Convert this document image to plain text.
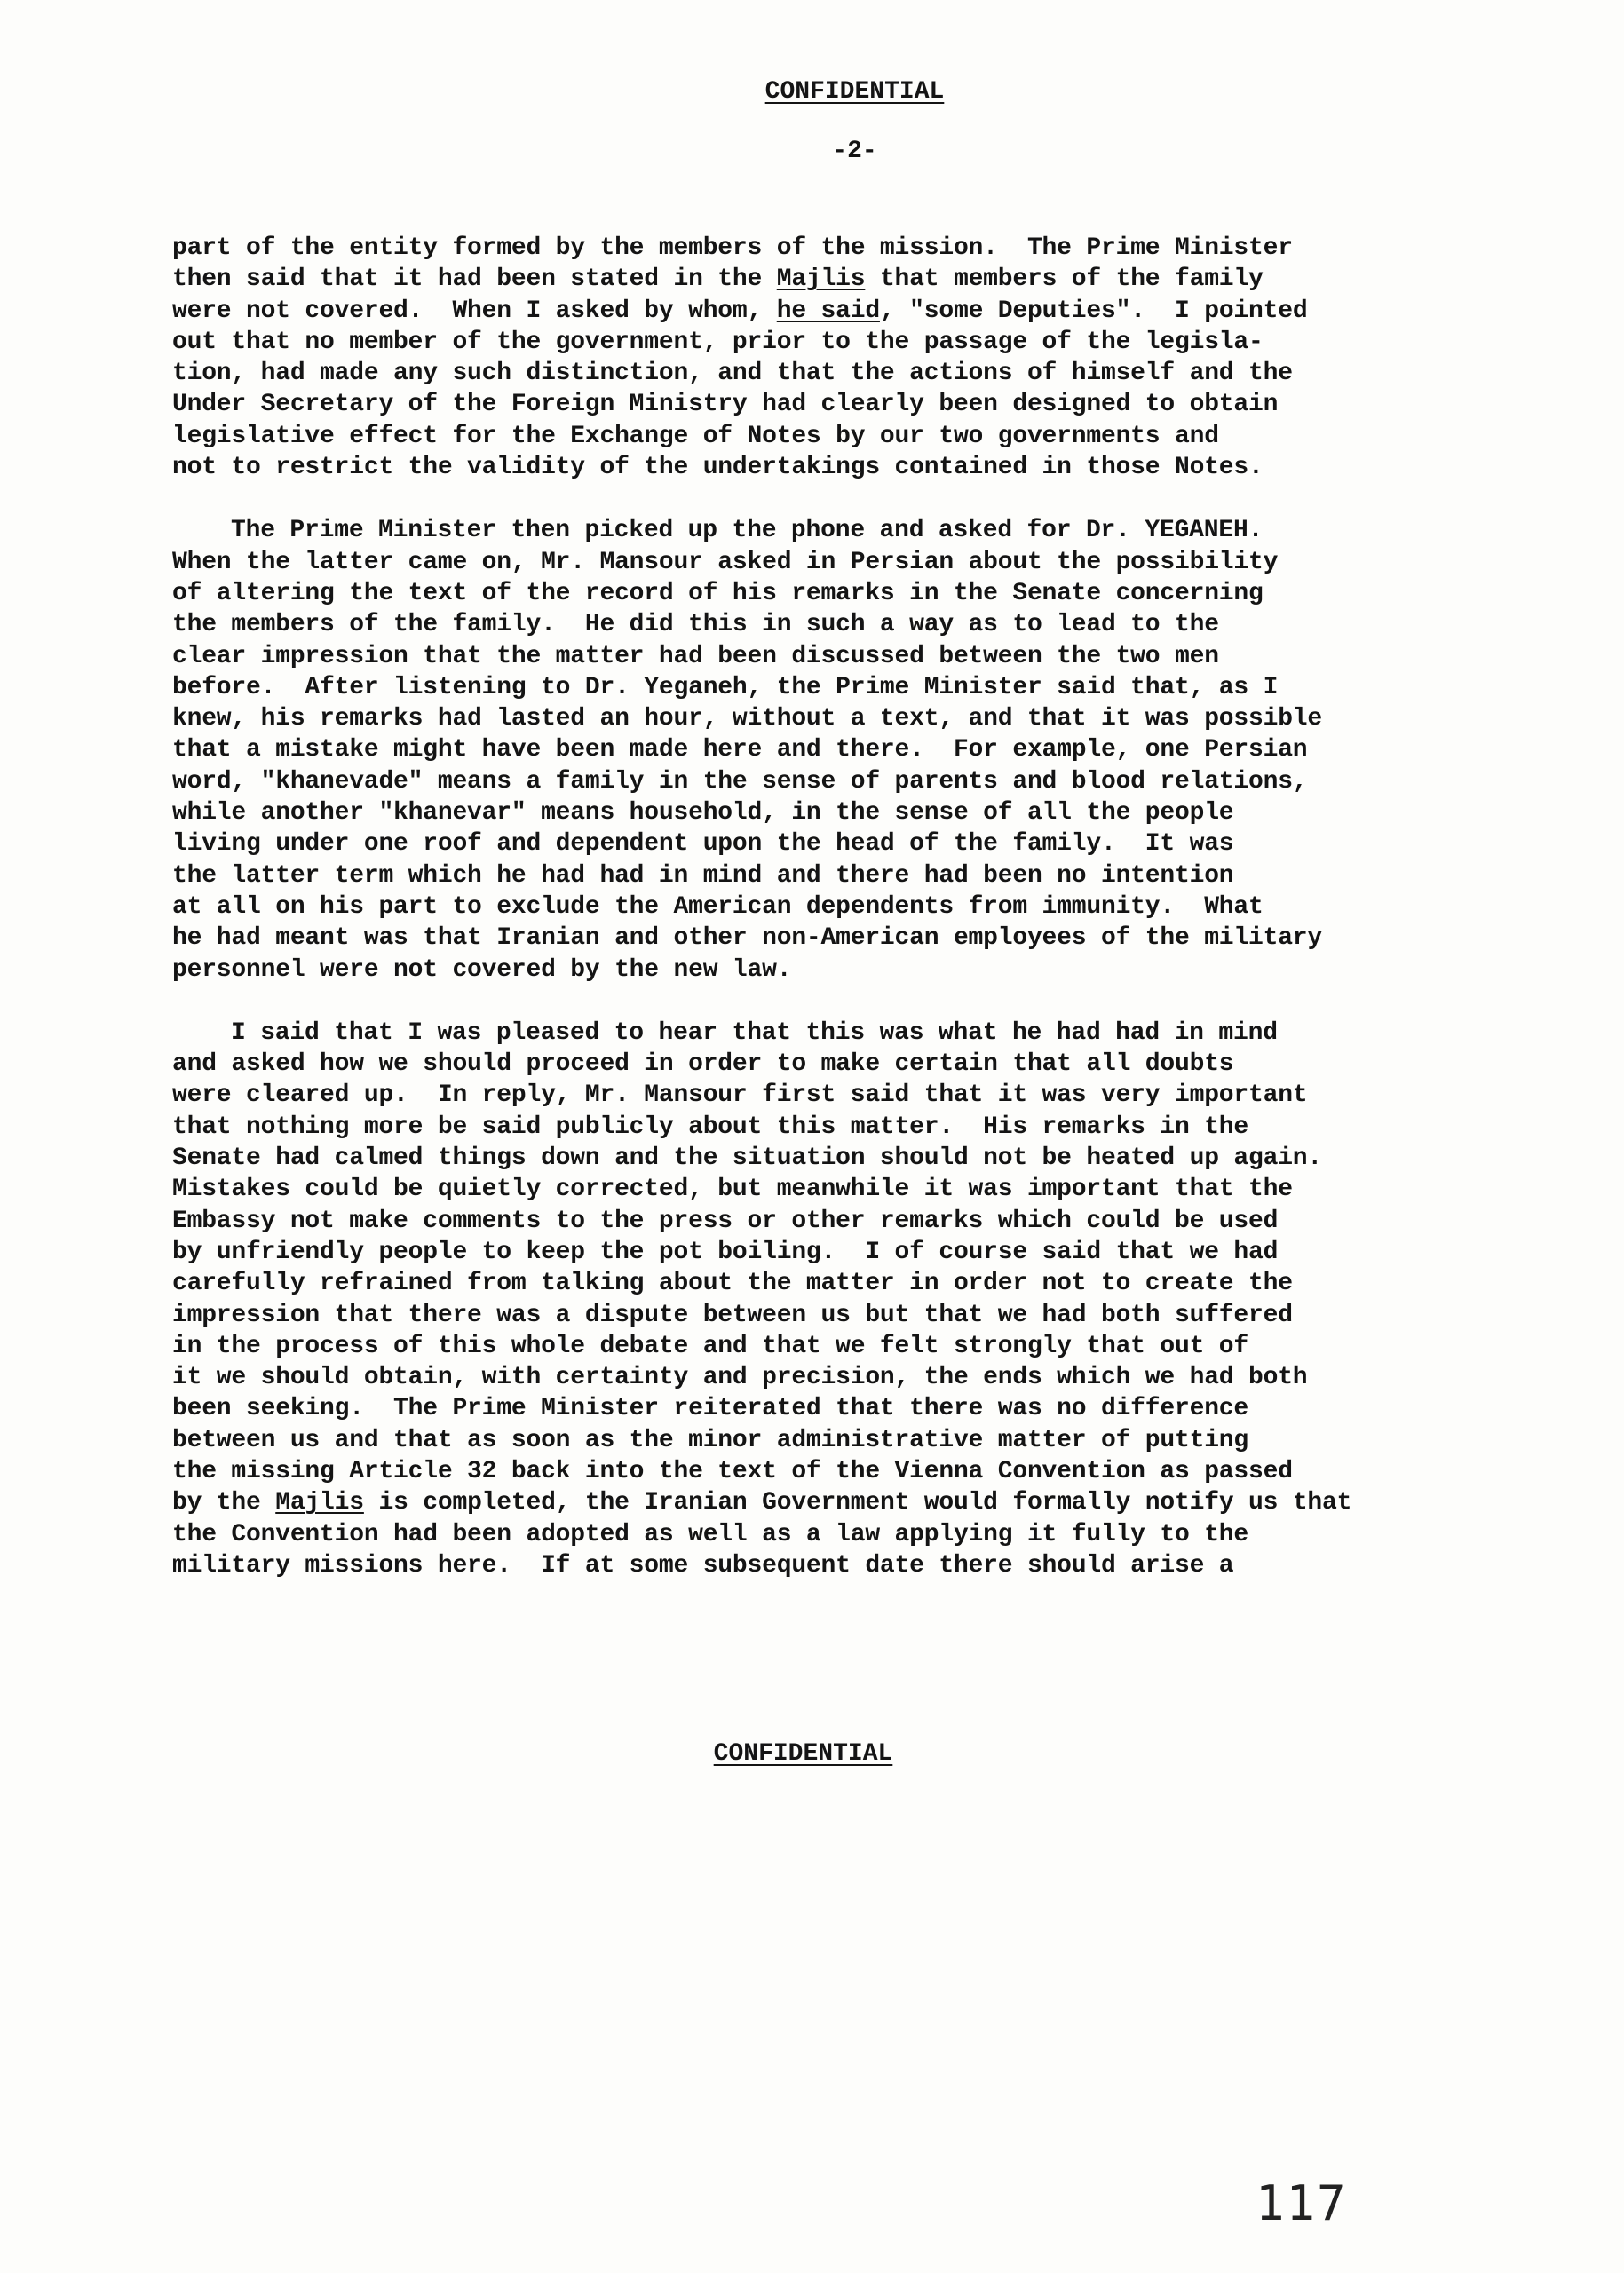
CONFIDENTIAL
-2-
part of the entity formed by the members of the mission.  The Prime Minister
then said that it had been stated in the Majlis that members of the family
were not covered.  When I asked by whom, he said, "some Deputies".  I pointed
out that no member of the government, prior to the passage of the legisla-
tion, had made any such distinction, and that the actions of himself and the
Under Secretary of the Foreign Ministry had clearly been designed to obtain
legislative effect for the Exchange of Notes by our two governments and
not to restrict the validity of the undertakings contained in those Notes.
The Prime Minister then picked up the phone and asked for Dr. YEGANEH.
When the latter came on, Mr. Mansour asked in Persian about the possibility
of altering the text of the record of his remarks in the Senate concerning
the members of the family.  He did this in such a way as to lead to the
clear impression that the matter had been discussed between the two men
before.  After listening to Dr. Yeganeh, the Prime Minister said that, as I
knew, his remarks had lasted an hour, without a text, and that it was possible
that a mistake might have been made here and there.  For example, one Persian
word, "khanevade" means a family in the sense of parents and blood relations,
while another "khanevar" means household, in the sense of all the people
living under one roof and dependent upon the head of the family.  It was
the latter term which he had had in mind and there had been no intention
at all on his part to exclude the American dependents from immunity.  What
he had meant was that Iranian and other non-American employees of the military
personnel were not covered by the new law.
I said that I was pleased to hear that this was what he had had in mind
and asked how we should proceed in order to make certain that all doubts
were cleared up.  In reply, Mr. Mansour first said that it was very important
that nothing more be said publicly about this matter.  His remarks in the
Senate had calmed things down and the situation should not be heated up again.
Mistakes could be quietly corrected, but meanwhile it was important that the
Embassy not make comments to the press or other remarks which could be used
by unfriendly people to keep the pot boiling.  I of course said that we had
carefully refrained from talking about the matter in order not to create the
impression that there was a dispute between us but that we had both suffered
in the process of this whole debate and that we felt strongly that out of
it we should obtain, with certainty and precision, the ends which we had both
been seeking.  The Prime Minister reiterated that there was no difference
between us and that as soon as the minor administrative matter of putting
the missing Article 32 back into the text of the Vienna Convention as passed
by the Majlis is completed, the Iranian Government would formally notify us that
the Convention had been adopted as well as a law applying it fully to the
military missions here.  If at some subsequent date there should arise a
CONFIDENTIAL
117
